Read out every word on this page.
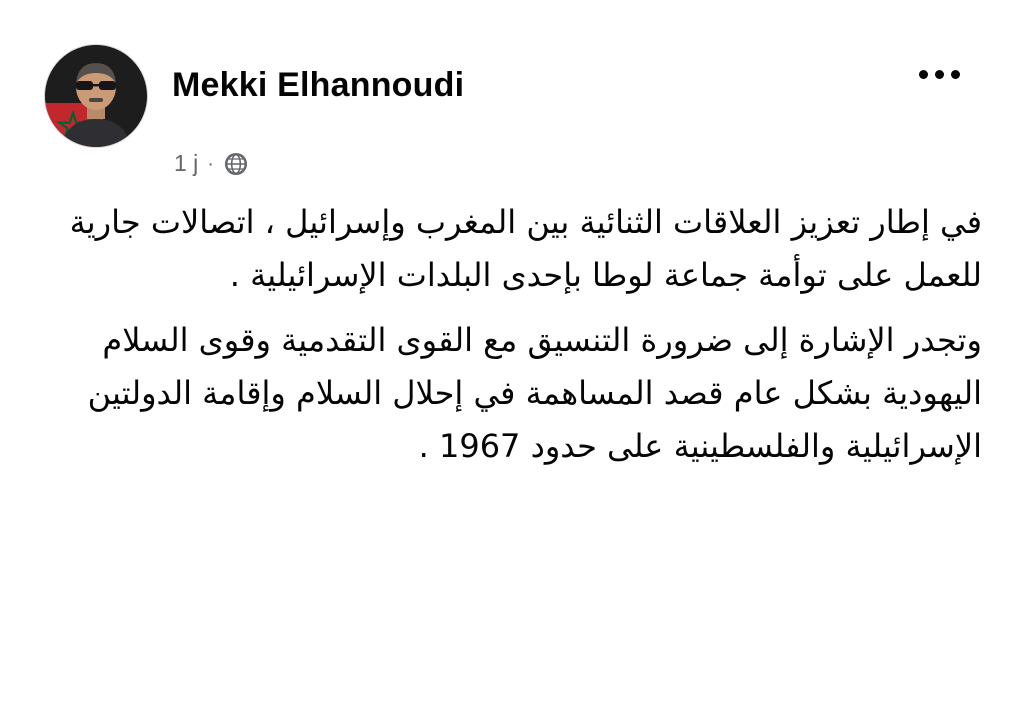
Mekki Elhannoudi
1 j ·

في إطار تعزيز العلاقات الثنائية بين المغرب وإسرائيل ، اتصالات جارية للعمل على توأمة جماعة لوطا بإحدى البلدات الإسرائيلية .

وتجدر الإشارة إلى ضرورة التنسيق مع القوى التقدمية وقوى السلام اليهودية بشكل عام قصد المساهمة في إحلال السلام وإقامة الدولتين الإسرائيلية والفلسطينية على حدود 1967 .
